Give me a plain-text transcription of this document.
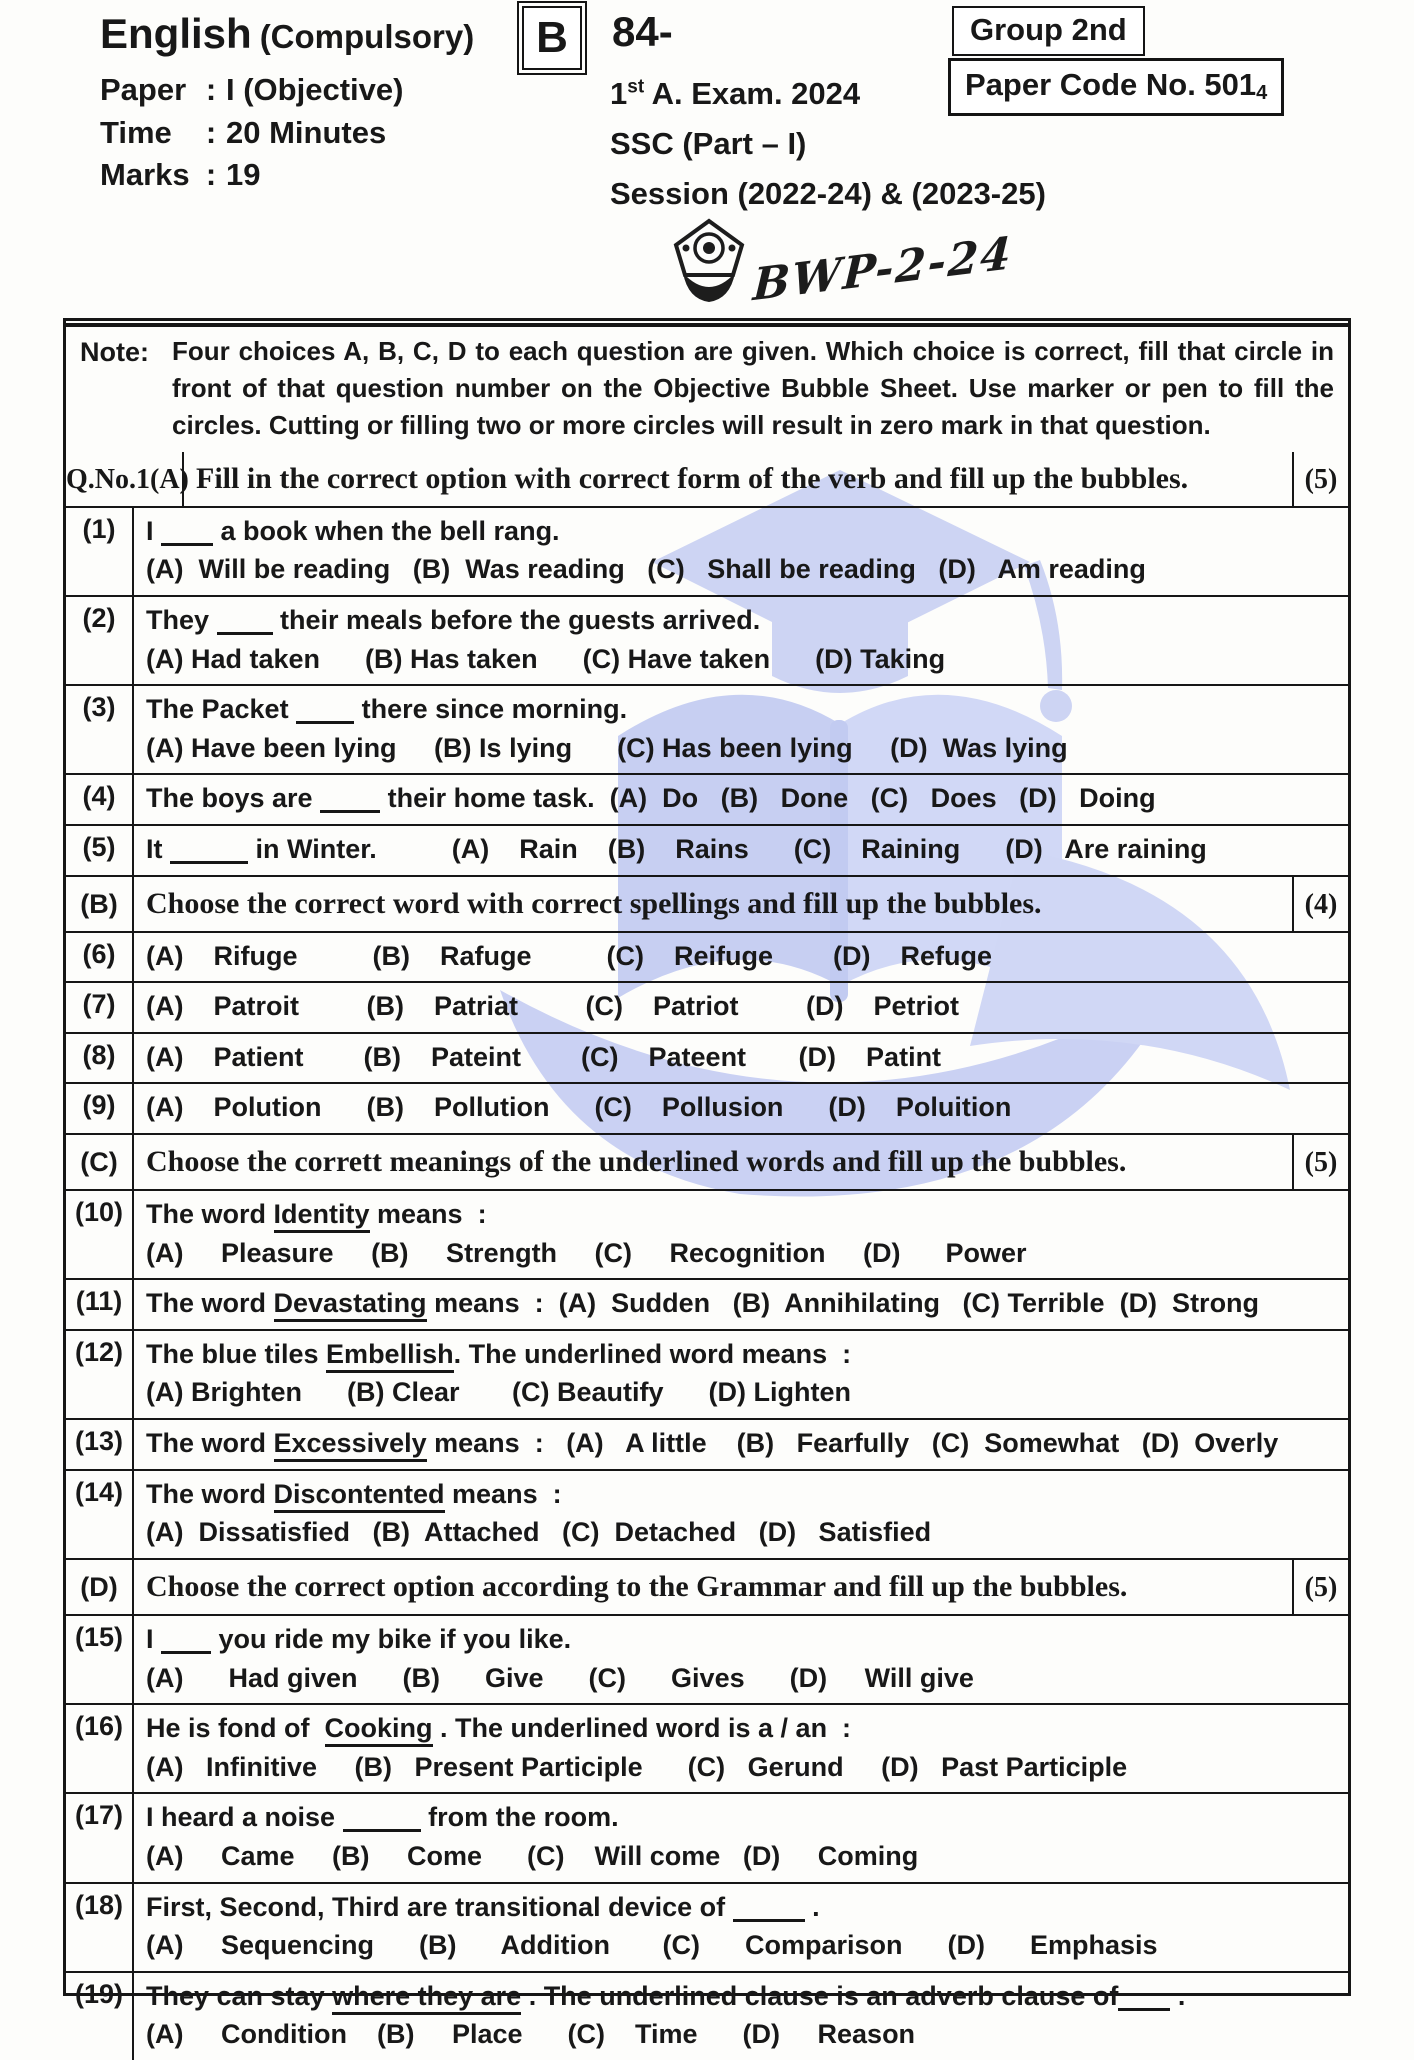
English (Compulsory)
Paper : I (Objective)
Time : 20 Minutes
Marks : 19
B	84-
1st A. Exam. 2024
SSC (Part – I)
Session (2022-24) & (2023-25)
Group 2nd
Paper Code No. 5014
BWP-2-24
Note: Four choices A, B, C, D to each question are given. Which choice is correct, fill that circle in front of that question number on the Objective Bubble Sheet. Use marker or pen to fill the circles. Cutting or filling two or more circles will result in zero mark in that question.
Q.No.1(A) Fill in the correct option with correct form of the verb and fill up the bubbles.	(5)
(1)	I  a book when the bell rang.
(A)  Will be reading   (B)  Was reading   (C)   Shall be reading   (D)   Am reading
(2)	They  their meals before the guests arrived.
(A) Had taken      (B) Has taken      (C) Have taken      (D) Taking
(3)	The Packet  there since morning.
(A) Have been lying     (B) Is lying      (C) Has been lying     (D)  Was lying
(4)	The boys are  their home task.  (A)  Do   (B)   Done   (C)   Does   (D)   Doing
(5)	It	in Winter.          (A)    Rain    (B)    Rains      (C)    Raining      (D)   Are raining
(B) Choose the correct word with correct spellings and fill up the bubbles.	(4)
(6)	(A)    Rifuge          (B)    Rafuge          (C)    Reifuge        (D)    Refuge
(7)	(A)    Patroit         (B)    Patriat         (C)    Patriot         (D)    Petriot
(8)	(A)    Patient        (B)    Pateint        (C)    Pateent       (D)    Patint
(9)	(A)    Polution      (B)    Pollution      (C)    Pollusion      (D)    Poluition
(C) Choose the corrett meanings of the underlined words and fill up the bubbles.	(5)
(10) The word Identity means  :
(A)     Pleasure     (B)     Strength     (C)     Recognition     (D)      Power
(11) The word Devastating means  :  (A)  Sudden   (B)  Annihilating   (C) Terrible  (D)  Strong
(12) The blue tiles Embellish. The underlined word means  :
(A) Brighten      (B) Clear       (C) Beautify      (D) Lighten
(13) The word Excessively means  :   (A)   A little    (B)   Fearfully   (C)  Somewhat   (D)  Overly
(14) The word Discontented means  :
(A)  Dissatisfied   (B)  Attached   (C)  Detached   (D)   Satisfied
(D) Choose the correct option according to the Grammar and fill up the bubbles.	(5)
(15) I  you ride my bike if you like.
(A)      Had given      (B)      Give      (C)      Gives      (D)     Will give
(16) He is fond of  Cooking . The underlined word is a / an  :
(A)   Infinitive     (B)   Present Participle      (C)   Gerund     (D)   Past Participle
(17) I heard a noise	from the room.
(A)     Came     (B)     Come      (C)    Will come   (D)     Coming
(18) First, Second, Third are transitional device of	.
(A)     Sequencing      (B)      Addition       (C)      Comparison      (D)      Emphasis
(19) They can stay where they are . The underlined clause is an adverb clause of .
(A)     Condition    (B)     Place      (C)    Time      (D)     Reason
